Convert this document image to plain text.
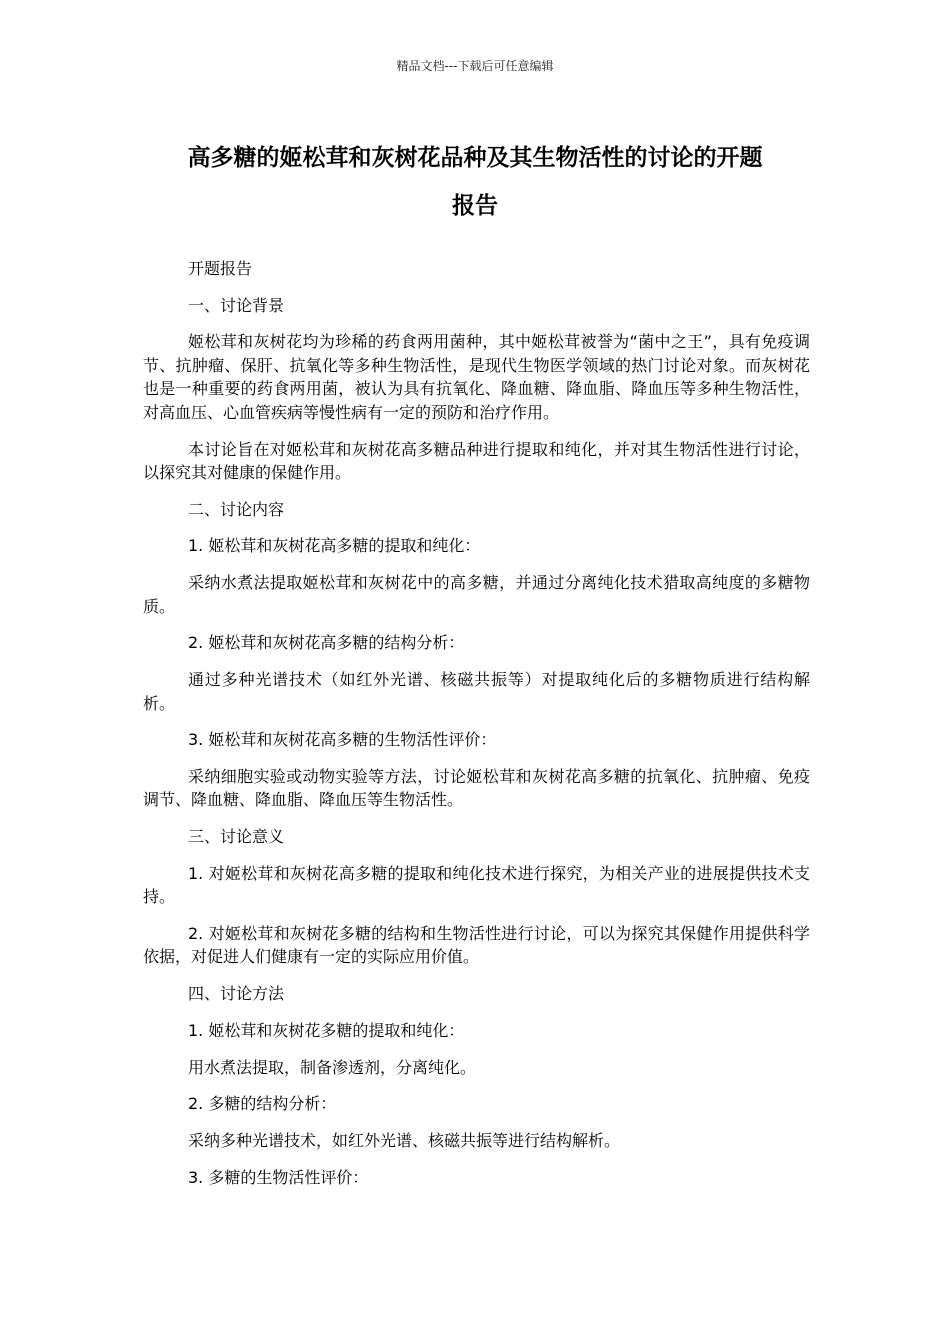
精品文档---下载后可任意编辑
高多糖的姬松茸和灰树花品种及其生物活性的讨论的开题
报告

开题报告

一、讨论背景

姬松茸和灰树花均为珍稀的药食两用菌种，其中姬松茸被誉为“菌中之王”，具有免疫调节、抗肿瘤、保肝、抗氧化等多种生物活性，是现代生物医学领域的热门讨论对象。而灰树花也是一种重要的药食两用菌，被认为具有抗氧化、降血糖、降血脂、降血压等多种生物活性，对高血压、心血管疾病等慢性病有一定的预防和治疗作用。

本讨论旨在对姬松茸和灰树花高多糖品种进行提取和纯化，并对其生物活性进行讨论，以探究其对健康的保健作用。

二、讨论内容

1. 姬松茸和灰树花高多糖的提取和纯化：

采纳水煮法提取姬松茸和灰树花中的高多糖，并通过分离纯化技术猎取高纯度的多糖物质。

2. 姬松茸和灰树花高多糖的结构分析：

通过多种光谱技术（如红外光谱、核磁共振等）对提取纯化后的多糖物质进行结构解析。

3. 姬松茸和灰树花高多糖的生物活性评价：

采纳细胞实验或动物实验等方法，讨论姬松茸和灰树花高多糖的抗氧化、抗肿瘤、免疫调节、降血糖、降血脂、降血压等生物活性。

三、讨论意义

1. 对姬松茸和灰树花高多糖的提取和纯化技术进行探究，为相关产业的进展提供技术支持。

2. 对姬松茸和灰树花多糖的结构和生物活性进行讨论，可以为探究其保健作用提供科学依据，对促进人们健康有一定的实际应用价值。

四、讨论方法

1. 姬松茸和灰树花多糖的提取和纯化：

用水煮法提取，制备渗透剂，分离纯化。

2. 多糖的结构分析：

采纳多种光谱技术，如红外光谱、核磁共振等进行结构解析。

3. 多糖的生物活性评价：
